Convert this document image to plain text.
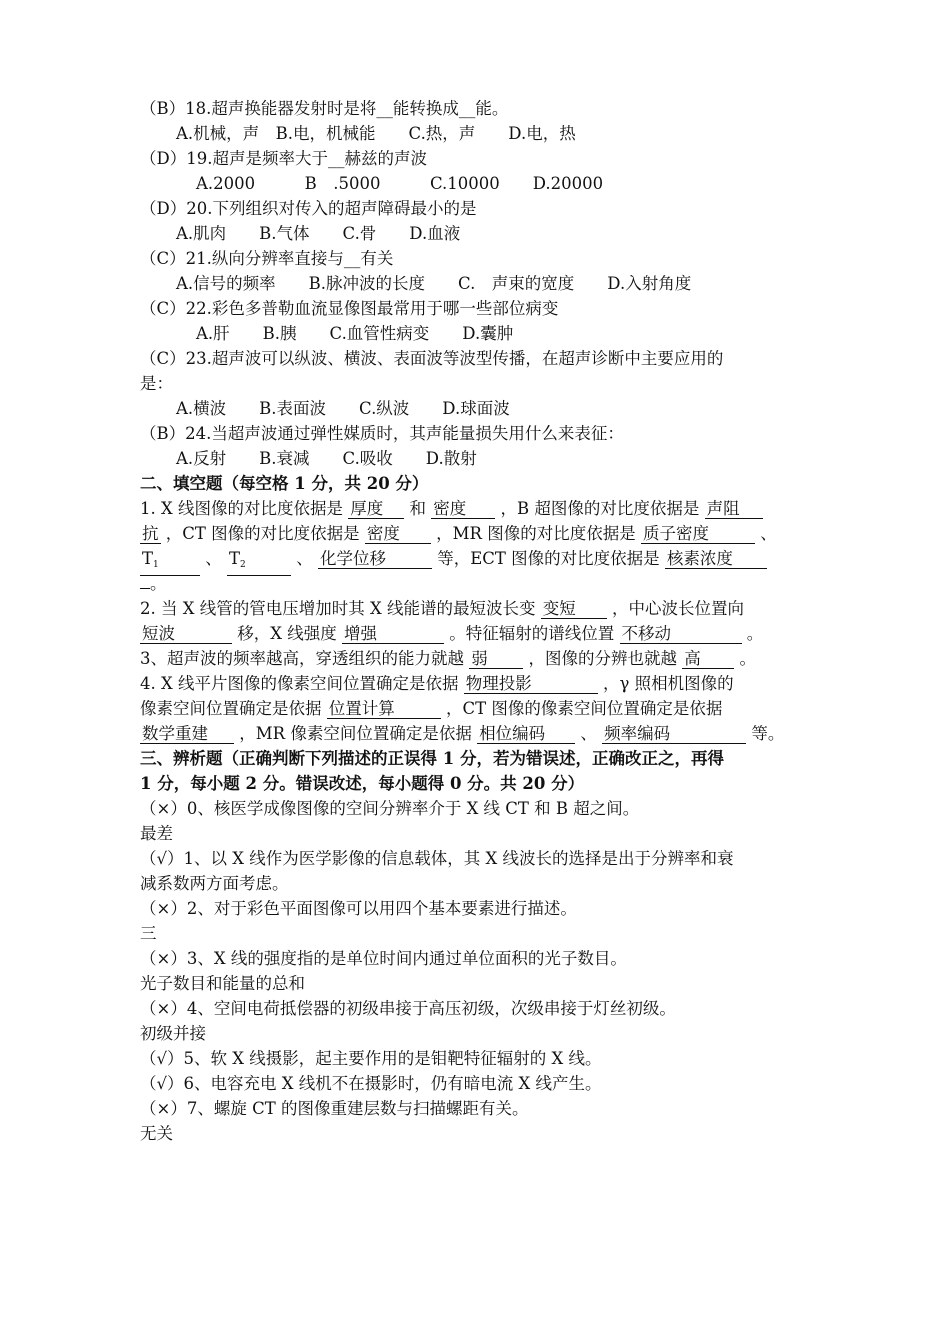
（B）18.超声换能器发射时是将__能转换成__能。
A.机械，声　B.电，机械能　　C.热，声　　D.电，热
（D）19.超声是频率大于__赫兹的声波
A.2000　　　B　.5000　　　C.10000　　D.20000
（D）20.下列组织对传入的超声障碍最小的是
A.肌肉　　B.气体　　C.骨　　D.血液
（C）21.纵向分辨率直接与__有关
A.信号的频率　　B.脉冲波的长度　　C.　声束的宽度　　D.入射角度
（C）22.彩色多普勒血流显像图最常用于哪一些部位病变
A.肝　　B.胰　　C.血管性病变　　D.囊肿
（C）23.超声波可以纵波、横波、表面波等波型传播，在超声诊断中主要应用的
是：
A.横波　　B.表面波　　C.纵波　　D.球面波
（B）24.当超声波通过弹性媒质时，其声能量损失用什么来表征：
A.反射　　B.衰减　　C.吸收　　D.散射
二、填空题（每空格 1 分，共 20 分）
1. X 线图像的对比度依据是 厚度 和 密度 ，B 超图像的对比度依据是 声阻
抗 ，CT 图像的对比度依据是 密度 ，MR 图像的对比度依据是 质子密度	、
$T_1$	、 $T_2$	、 化学位移	等，ECT 图像的对比度依据是 核素浓度
。
2. 当 X 线管的管电压增加时其 X 线能谱的最短波长变 变短 ，中心波长位置向
短波	移，X 线强度 增强	。特征辐射的谱线位置 不移动	。
3、超声波的频率越高，穿透组织的能力就越 弱 ，图像的分辨也就越 高 。
4. X 线平片图像的像素空间位置确定是依据 物理投影	，γ 照相机图像的
像素空间位置确定是依据 位置计算	，CT 图像的像素空间位置确定是依据
数学重建 ，MR 像素空间位置确定是依据 相位编码 、 频率编码	等。
三、辨析题（正确判断下列描述的正误得 1 分，若为错误述，正确改正之，再得
1 分，每小题 2 分。错误改述，每小题得 0 分。共 20 分）
（×）0、核医学成像图像的空间分辨率介于 X 线 CT 和 B 超之间。
最差
（√）1、以 X 线作为医学影像的信息载体，其 X 线波长的选择是出于分辨率和衰
减系数两方面考虑。
（×）2、对于彩色平面图像可以用四个基本要素进行描述。
三
（×）3、X 线的强度指的是单位时间内通过单位面积的光子数目。
光子数目和能量的总和
（×）4、空间电荷抵偿器的初级串接于高压初级，次级串接于灯丝初级。
初级并接
（√）5、软 X 线摄影，起主要作用的是钼靶特征辐射的 X 线。
（√）6、电容充电 X 线机不在摄影时，仍有暗电流 X 线产生。
（×）7、螺旋 CT 的图像重建层数与扫描螺距有关。
无关
